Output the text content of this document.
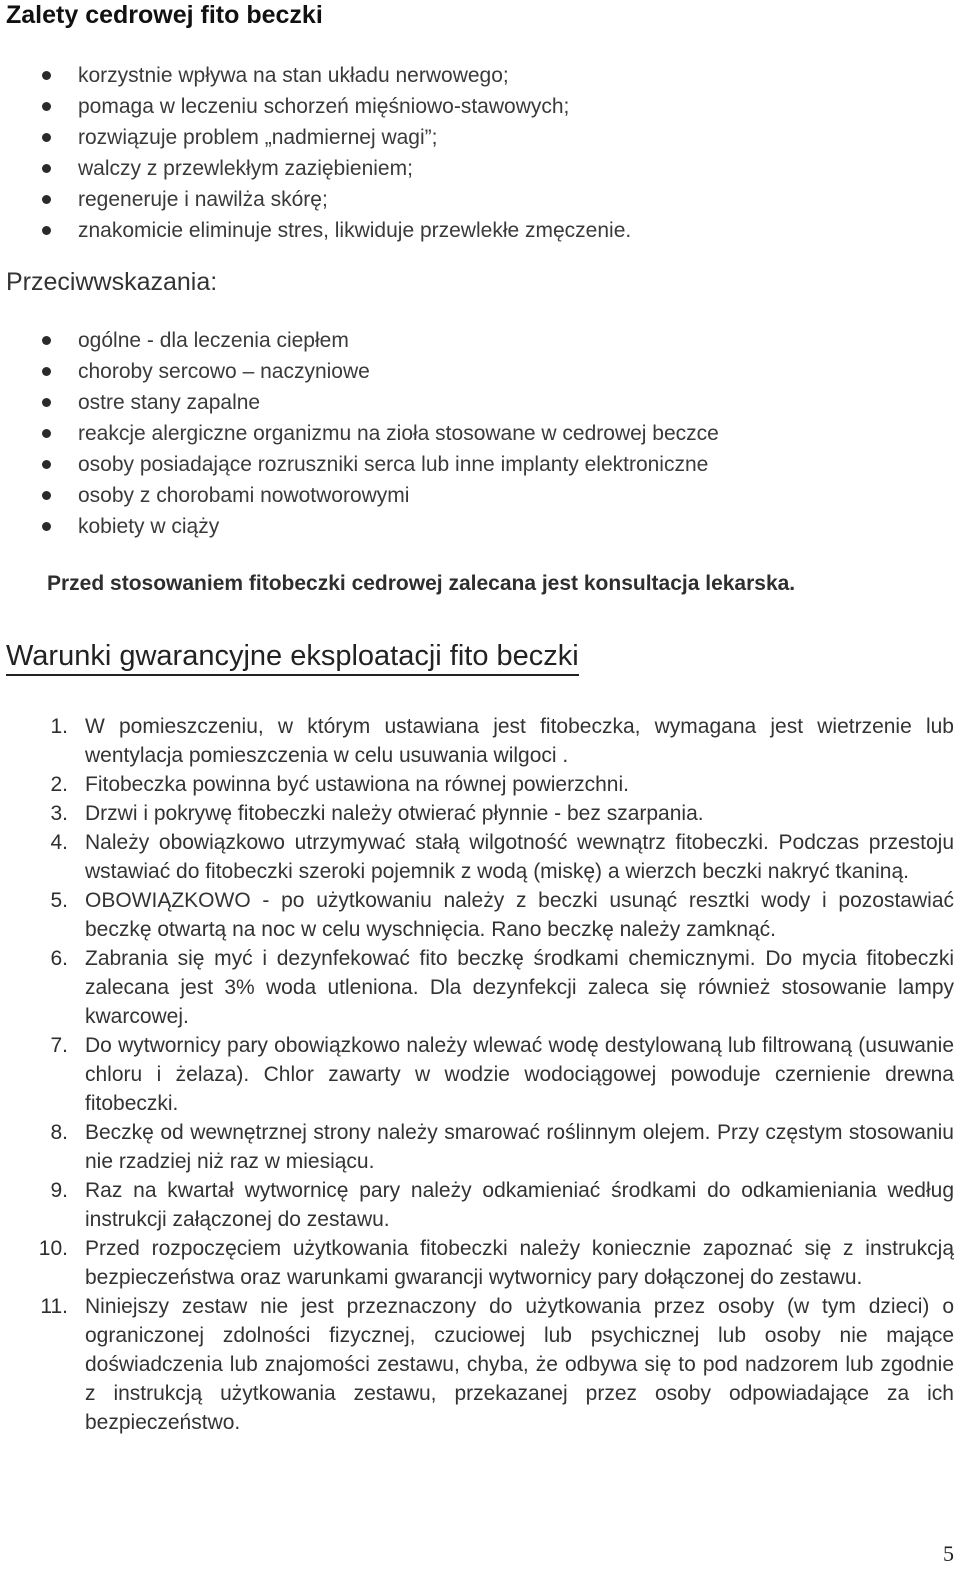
Zalety cedrowej fito beczki
korzystnie wpływa na stan układu nerwowego;
pomaga w leczeniu schorzeń mięśniowo-stawowych;
rozwiązuje problem „nadmiernej wagi”;
walczy z przewlekłym zaziębieniem;
regeneruje i nawilża skórę;
znakomicie eliminuje stres, likwiduje przewlekłe zmęczenie.
Przeciwwskazania:
ogólne - dla leczenia ciepłem
choroby sercowo – naczyniowe
ostre stany zapalne
reakcje alergiczne organizmu na zioła stosowane w cedrowej beczce
osoby posiadające rozruszniki serca lub inne implanty elektroniczne
osoby z chorobami nowotworowymi
kobiety w ciąży
Przed stosowaniem fitobeczki cedrowej zalecana jest konsultacja lekarska.
Warunki gwarancyjne eksploatacji fito beczki
1. W pomieszczeniu, w którym ustawiana jest fitobeczka, wymagana jest wietrzenie lub wentylacja pomieszczenia w celu usuwania wilgoci .
2. Fitobeczka powinna być ustawiona na równej powierzchni.
3. Drzwi i pokrywę fitobeczki należy otwierać płynnie - bez szarpania.
4. Należy obowiązkowo utrzymywać stałą wilgotność wewnątrz fitobeczki. Podczas przestoju wstawiać do fitobeczki szeroki pojemnik z wodą (miskę) a wierzch beczki nakryć tkaniną.
5. OBOWIĄZKOWO - po użytkowaniu należy z beczki usunąć resztki wody i pozostawiać beczkę otwartą na noc w celu wyschnięcia. Rano beczkę należy zamknąć.
6. Zabrania się myć i dezynfekować fito beczkę środkami chemicznymi. Do mycia fitobeczki zalecana jest 3% woda utleniona. Dla dezynfekcji zaleca się również stosowanie lampy kwarcowej.
7. Do wytwornicy pary obowiązkowo należy wlewać wodę destylowaną lub filtrowaną (usuwanie chloru i żelaza). Chlor zawarty w wodzie wodociągowej powoduje czernienie drewna fitobeczki.
8. Beczkę od wewnętrznej strony należy smarować roślinnym olejem. Przy częstym stosowaniu nie rzadziej niż raz w miesiącu.
9. Raz na kwartał wytwornicę pary należy odkamieniać środkami do odkamieniania według instrukcji załączonej do zestawu.
10. Przed rozpoczęciem użytkowania fitobeczki należy koniecznie zapoznać się z instrukcją bezpieczeństwa oraz warunkami gwarancji wytwornicy pary dołączonej do zestawu.
11. Niniejszy zestaw nie jest przeznaczony do użytkowania przez osoby (w tym dzieci) o ograniczonej zdolności fizycznej, czuciowej lub psychicznej lub osoby nie mające doświadczenia lub znajomości zestawu, chyba, że odbywa się to pod nadzorem lub zgodnie z instrukcją użytkowania zestawu, przekazanej przez osoby odpowiadające za ich bezpieczeństwo.
5
